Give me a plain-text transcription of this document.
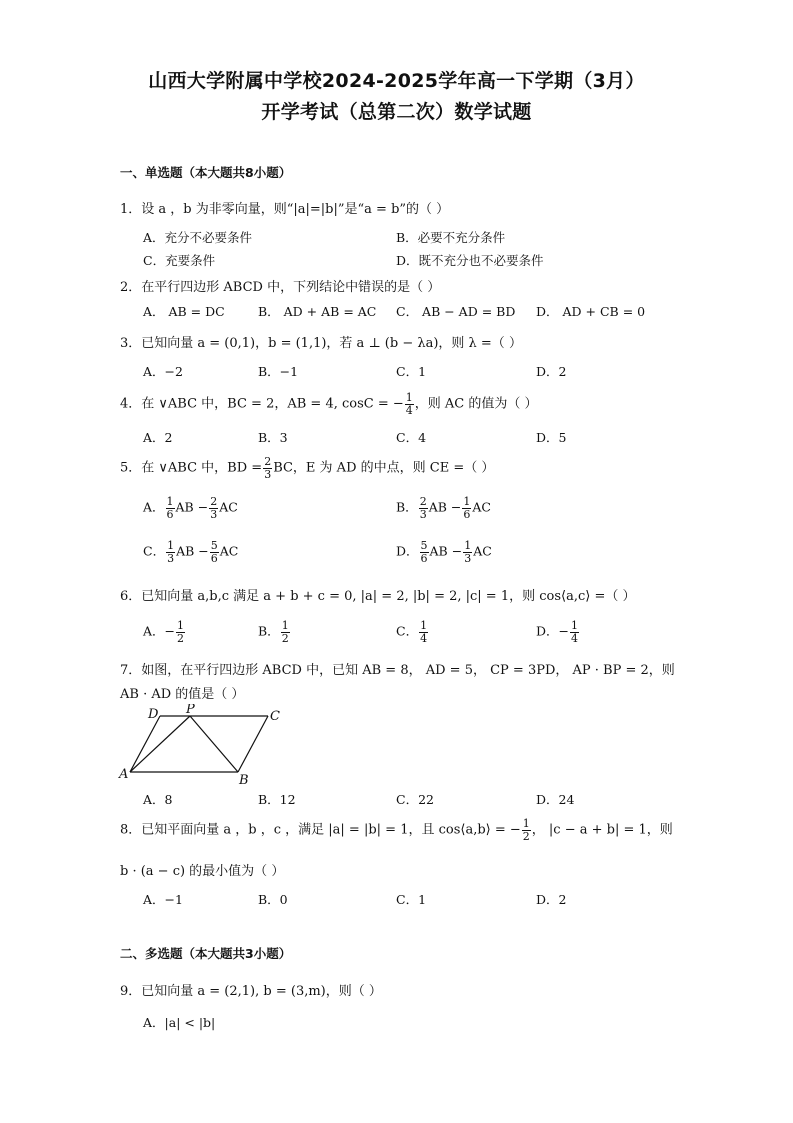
山西大学附属中学校2024-2025学年高一下学期（3月）
开学考试（总第二次）数学试题
一、单选题（本大题共8小题）
1．设 a ，b 为非零向量，则“|a|=|b|”是“a = b”的（ ）
A．充分不必要条件	B．必要不充分条件
C．充要条件	D．既不充分也不必要条件
2．在平行四边形 ABCD 中，下列结论中错误的是（ ）
A． AB = DC	B． AD + AB = AC C． AB − AD = BD D． AD + CB = 0
3．已知向量 a = (0,1)，b = (1,1)，若 a ⊥ (b − λa)，则 λ =（ ）
A．−2	B．−1	C．1	D．2
4．在 ∨ABC 中，BC = 2，AB = 4, cosC = − $\frac{1}{4}$ ，则 AC 的值为（ ）
A．2	B．3	C．4	D．5
5．在 ∨ABC 中，BD = $\frac{2}{3}$ BC，E 为 AD 的中点，则 CE =（ ）
A． $\frac{1}{6}$ AB − $\frac{2}{3}$ AC	B． $\frac{2}{3}$ AB − $\frac{1}{6}$ AC
C． $\frac{1}{3}$ AB − $\frac{5}{6}$ AC	D． $\frac{5}{6}$ AB − $\frac{1}{3}$ AC
6．已知向量 a,b,c 满足 a + b + c = 0, |a| = 2, |b| = 2, |c| = 1，则 cos⟨a,c⟩ =（ ）
A．− $\frac{1}{2}$	B． $\frac{1}{2}$	C． $\frac{1}{4}$	D．− $\frac{1}{4}$
7．如图，在平行四边形 ABCD 中，已知 AB = 8， AD = 5， CP = 3PD， AP · BP = 2，则
AB · AD 的值是（ ）
D P	C
A	B
A．8	B．12	C．22	D．24
8．已知平面向量 a ，b ，c ，满足 |a| = |b| = 1，且 cos⟨a,b⟩ = − $\frac{1}{2}$ ， |c − a + b| = 1，则
b · (a − c) 的最小值为（ ）
A．−1	B．0	C．1	D．2
二、多选题（本大题共3小题）
9．已知向量 a = (2,1), b = (3,m)，则（ ）
A．|a| < |b|
